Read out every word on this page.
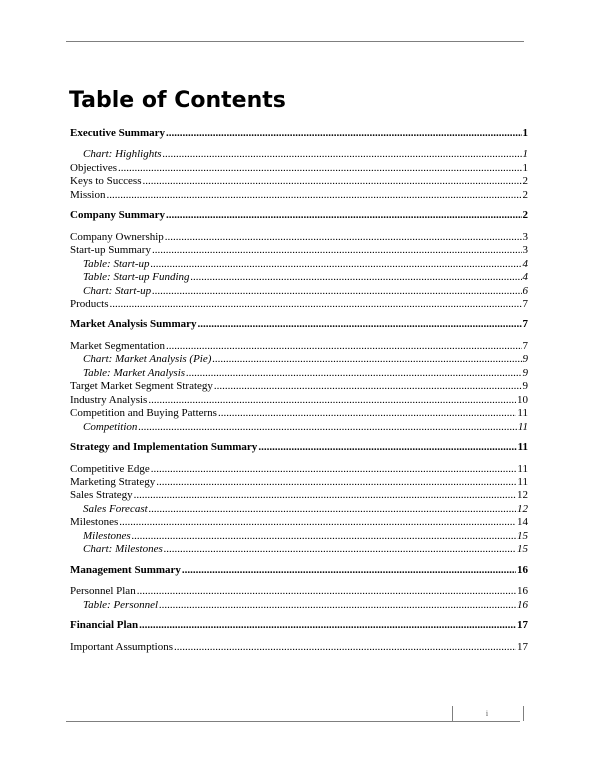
Table of Contents
Executive Summary .....	1
Chart: Highlights .....	1
Objectives .....	1
Keys to Success .....	2
Mission .....	2
Company Summary .....	2
Company Ownership .....	3
Start-up Summary .....	3
Table: Start-up .....	4
Table: Start-up Funding .....	4
Chart: Start-up .....	6
Products .....	7
Market Analysis Summary .....	7
Market Segmentation .....	7
Chart: Market Analysis (Pie) .....	9
Table: Market Analysis .....	9
Target Market Segment Strategy .....	9
Industry Analysis .....	10
Competition and Buying Patterns .....	11
Competition .....	11
Strategy and Implementation Summary .....	11
Competitive Edge .....	11
Marketing Strategy .....	11
Sales Strategy .....	12
Sales Forecast .....	12
Milestones .....	14
Milestones .....	15
Chart: Milestones .....	15
Management Summary .....	16
Personnel Plan .....	16
Table: Personnel .....	16
Financial Plan .....	17
Important Assumptions .....	17
i
